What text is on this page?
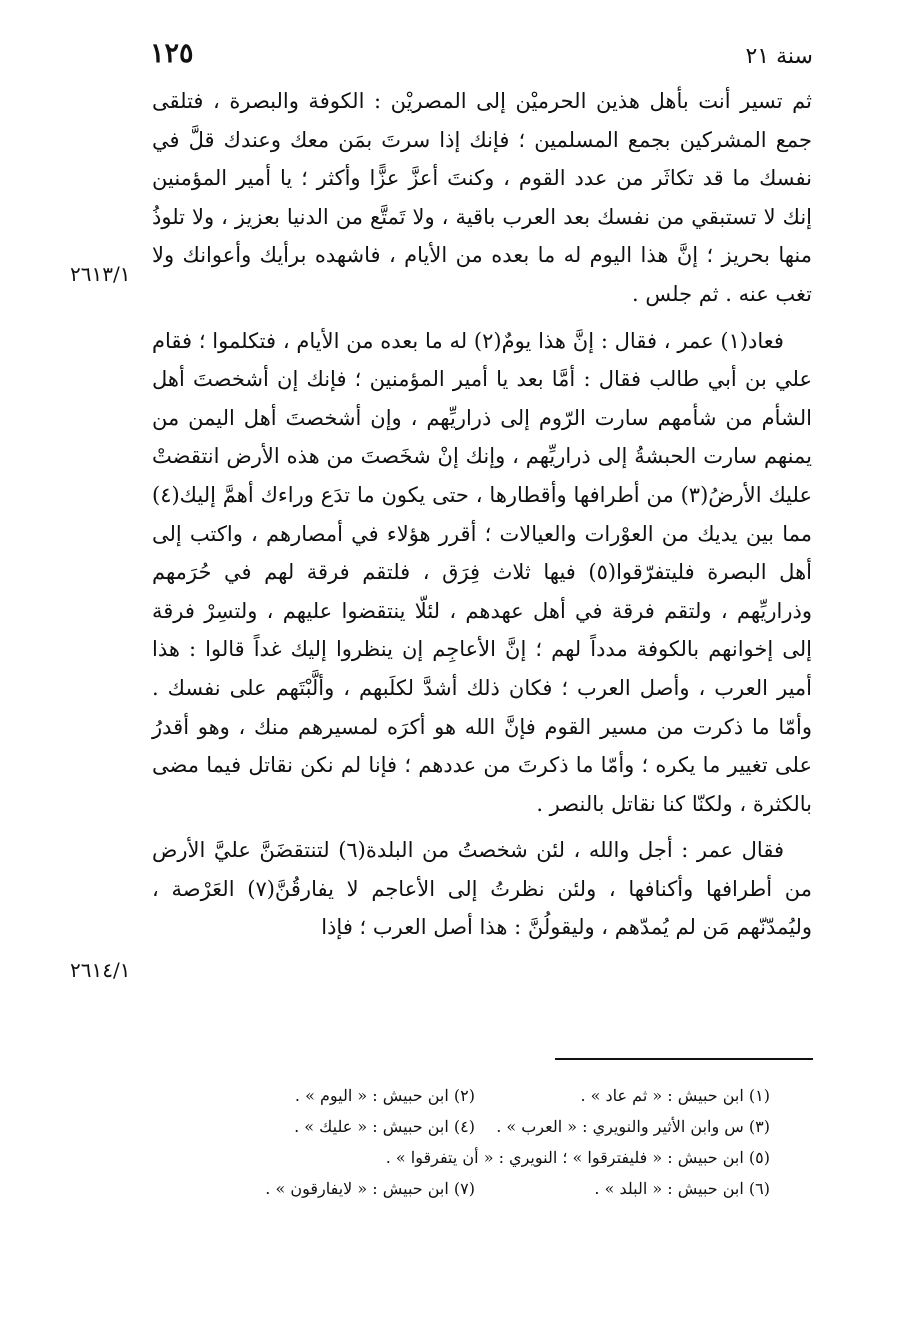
١٢٥	سنة ٢١

ثم تسير أنت بأهل هذين الحرميْن إلى المصريْن : الكوفة والبصرة ، فتلقى جمع المشركين بجمع المسلمين ؛ فإنك إذا سرتَ بمَن معك وعندك قلَّ في نفسك ما قد تكاثَر من عدد القوم ، وكنتَ أعزَّ عزًّا وأكثر ؛ يا أمير المؤمنين إنك لا تستبقي من نفسك بعد العرب باقية ، ولا تَمتَّع من الدنيا بعزيز ، ولا تلوذُ منها بحريز ؛ إنَّ هذا اليوم له ما بعده من الأيام ، فاشهده برأيك وأعوانك ولا تغب عنه . ثم جلس .

فعاد(١) عمر ، فقال : إنَّ هذا يومٌ(٢) له ما بعده من الأيام ، فتكلموا ؛ فقام علي بن أبي طالب فقال : أمَّا بعد يا أمير المؤمنين ؛ فإنك إن أشخصتَ أهل الشأم من شأمهم سارت الرّوم إلى ذراريِّهم ، وإن أشخصتَ أهل اليمن من يمنهم سارت الحبشةُ إلى ذراريِّهم ، وإنك إنْ شخَصتَ من هذه الأرض انتقضتْ عليك الأرضُ(٣) من أطرافها وأقطارها ، حتى يكون ما تدَع وراءك أهمَّ إليك(٤) مما بين يديك من العوْرات والعيالات ؛ أقرر هؤلاء في أمصارهم ، واكتب إلى أهل البصرة فليتفرّقوا(٥) فيها ثلاث فِرَق ، فلتقم فرقة لهم في حُرَمهم وذراريِّهم ، ولتقم فرقة في أهل عهدهم ، لئلّا ينتقضوا عليهم ، ولتسِرْ فرقة إلى إخوانهم بالكوفة مدداً لهم ؛ إنَّ الأعاجِم إن ينظروا إليك غداً قالوا : هذا أمير العرب ، وأصل العرب ؛ فكان ذلك أشدَّ لكلَبهم ، وألَّبْتَهم على نفسك . وأمّا ما ذكرت من مسير القوم فإنَّ الله هو أكرَه لمسيرهم منك ، وهو أقدرُ على تغيير ما يكره ؛ وأمّا ما ذكرتَ من عددهم ؛ فإنا لم نكن نقاتل فيما مضى بالكثرة ، ولكنّا كنا نقاتل بالنصر .

فقال عمر : أجل والله ، لئن شخصتُ من البلدة(٦) لتنتقضَنَّ عليَّ الأرض من أطرافها وأكنافها ، ولئن نظرتُ إلى الأعاجم لا يفارقُنَّ(٧) العَرْصة ، وليُمدّنّهم مَن لم يُمدّهم ، وليقولُنَّ : هذا أصل العرب ؛ فإذا

٢٦١٣/١
٢٦١٤/١
(١) ابن حبيش : « ثم عاد » .
(٢) ابن حبيش : « اليوم » .
(٣) س وابن الأثير والنويري : « العرب » .
(٤) ابن حبيش : « عليك » .
(٥) ابن حبيش : « فليفترقوا » ؛ النويري : « أن يتفرقوا » .
(٦) ابن حبيش : « البلد » .
(٧) ابن حبيش : « لايفارقون » .
